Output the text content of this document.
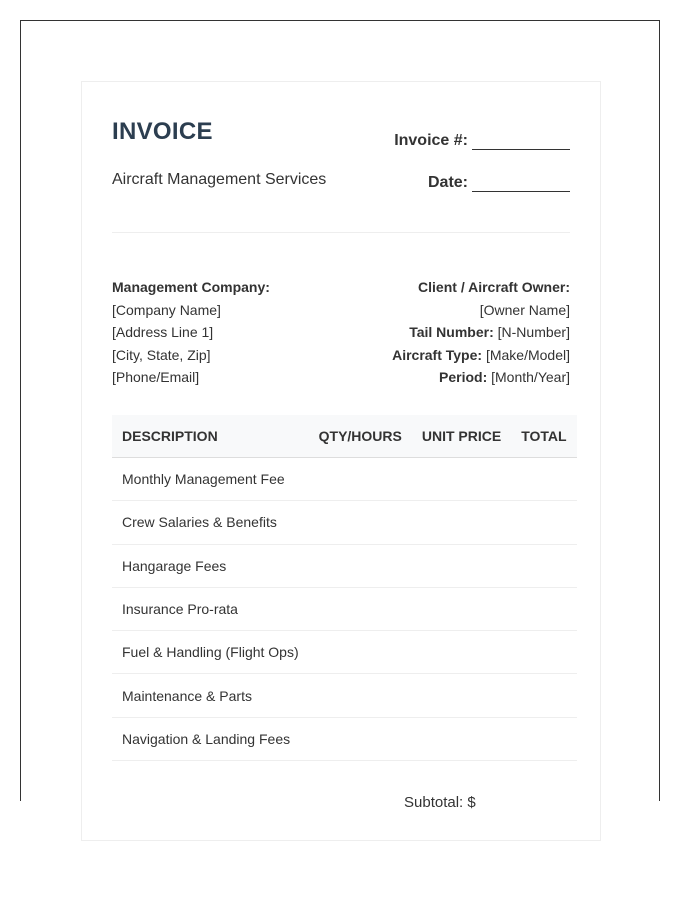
INVOICE
Aircraft Management Services
Invoice #:
Date:
Management Company:
[Company Name]
[Address Line 1]
[City, State, Zip]
[Phone/Email]
Client / Aircraft Owner:
[Owner Name]
Tail Number: [N-Number]
Aircraft Type: [Make/Model]
Period: [Month/Year]
DESCRIPTION	QTY/HOURS	UNIT PRICE	TOTAL
Monthly Management Fee			
Crew Salaries & Benefits			
Hangarage Fees			
Insurance Pro-rata			
Fuel & Handling (Flight Ops)			
Maintenance & Parts			
Navigation & Landing Fees			
Subtotal: $
